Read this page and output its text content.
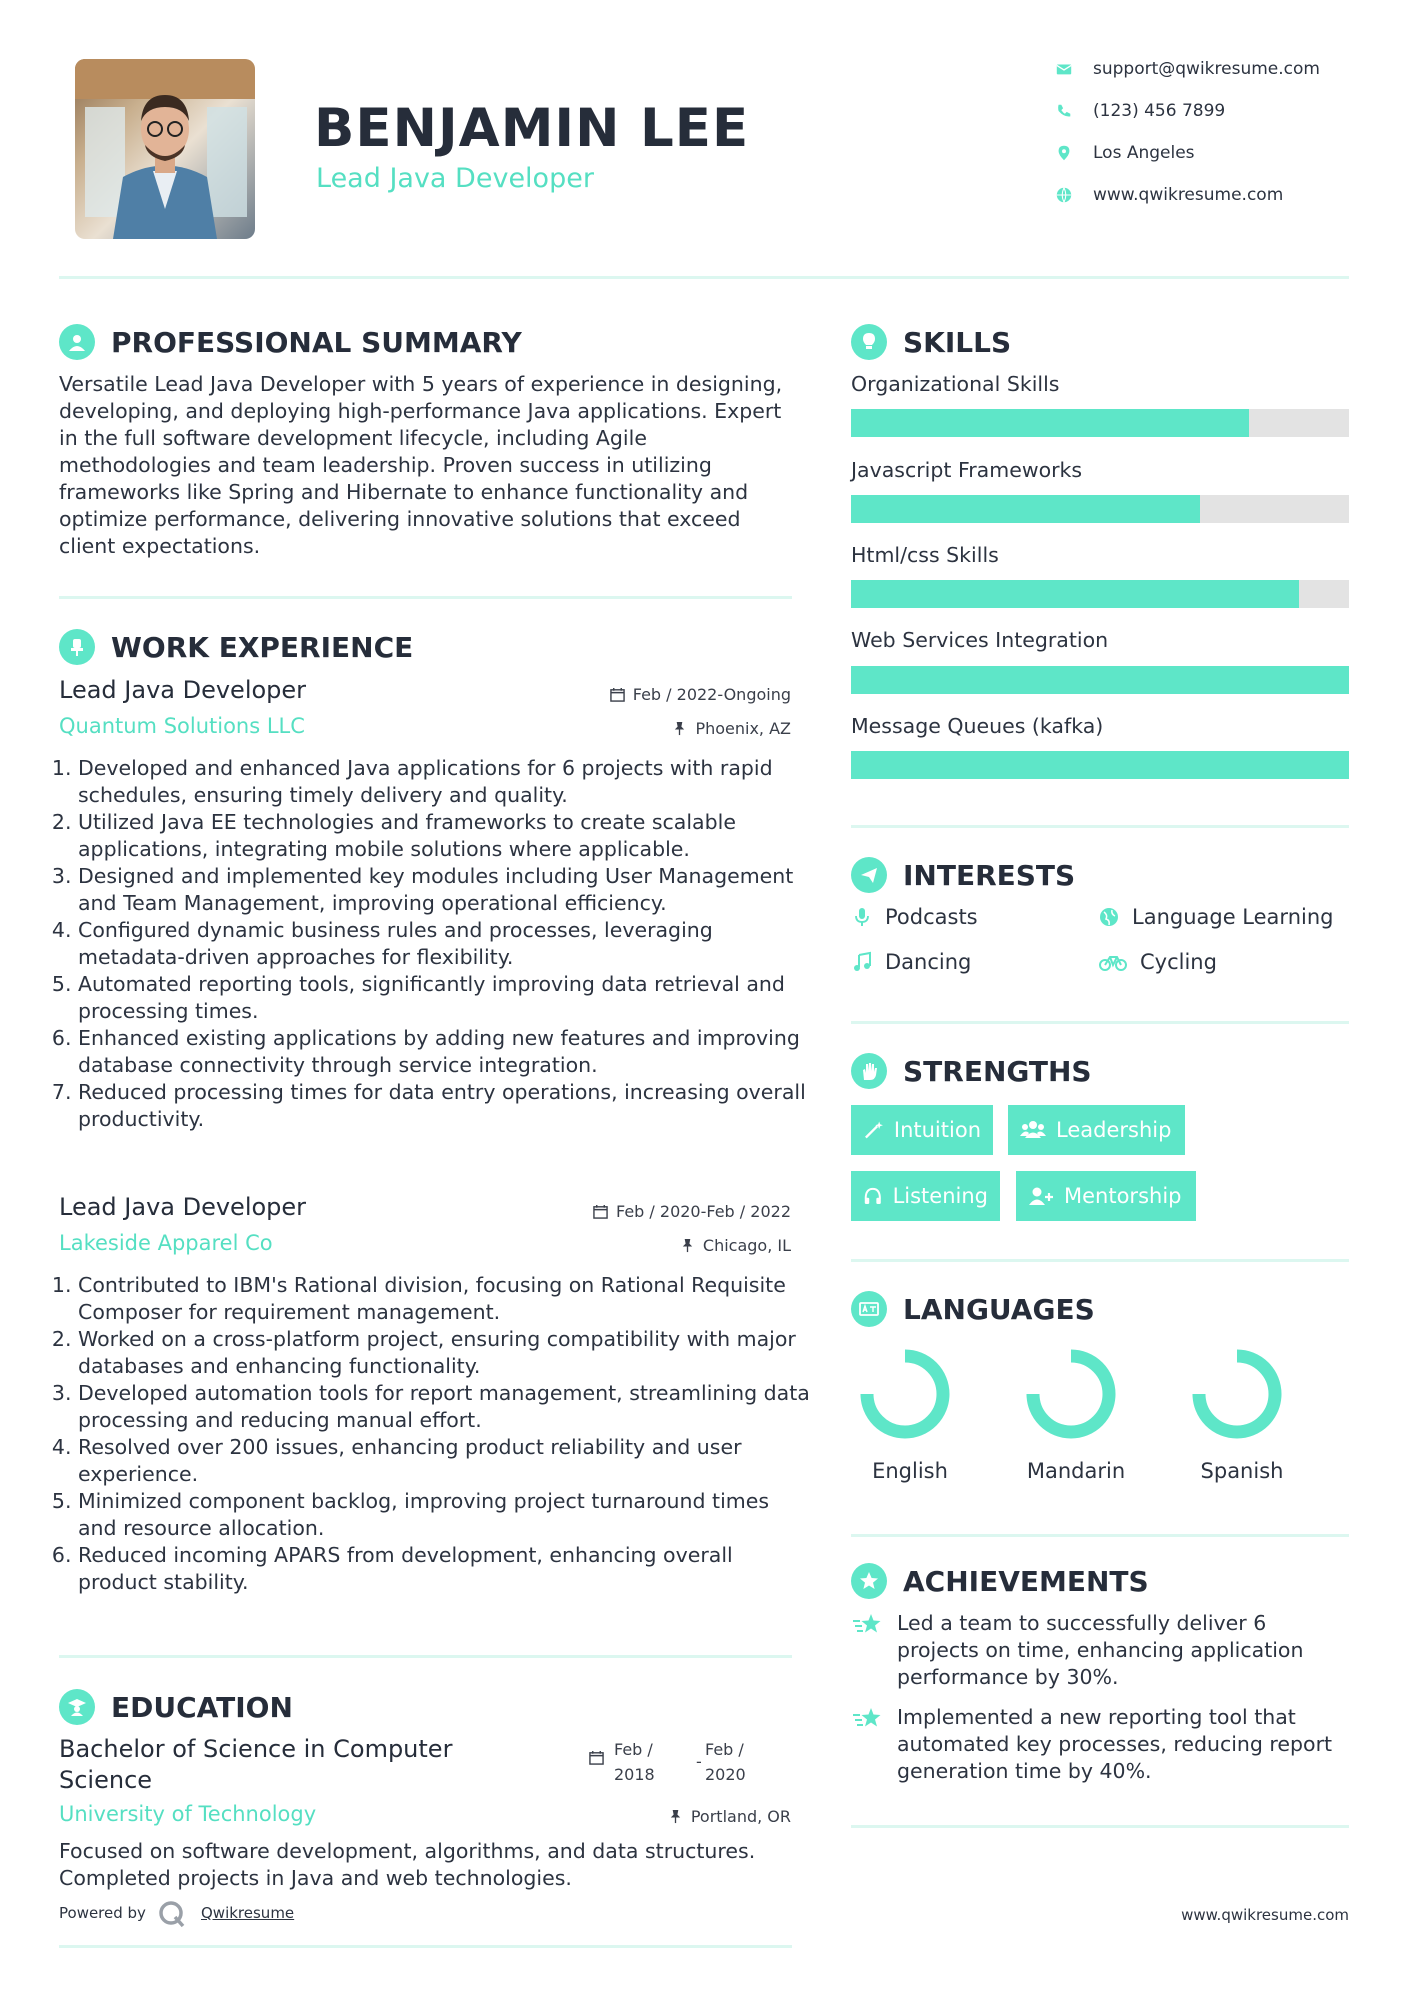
BENJAMIN LEE
Lead Java Developer
support@qwikresume.com
(123) 456 7899
Los Angeles
www.qwikresume.com
PROFESSIONAL SUMMARY
Versatile Lead Java Developer with 5 years of experience in designing, developing, and deploying high-performance Java applications. Expert in the full software development lifecycle, including Agile methodologies and team leadership. Proven success in utilizing frameworks like Spring and Hibernate to enhance functionality and optimize performance, delivering innovative solutions that exceed client expectations.
WORK EXPERIENCE
Lead Java Developer	Feb / 2022-Ongoing
Quantum Solutions LLC	Phoenix, AZ
1. Developed and enhanced Java applications for 6 projects with rapid schedules, ensuring timely delivery and quality.
2. Utilized Java EE technologies and frameworks to create scalable applications, integrating mobile solutions where applicable.
3. Designed and implemented key modules including User Management and Team Management, improving operational efficiency.
4. Configured dynamic business rules and processes, leveraging metadata-driven approaches for flexibility.
5. Automated reporting tools, significantly improving data retrieval and processing times.
6. Enhanced existing applications by adding new features and improving database connectivity through service integration.
7. Reduced processing times for data entry operations, increasing overall productivity.
Lead Java Developer	Feb / 2020-Feb / 2022
Lakeside Apparel Co	Chicago, IL
1. Contributed to IBM's Rational division, focusing on Rational Requisite Composer for requirement management.
2. Worked on a cross-platform project, ensuring compatibility with major databases and enhancing functionality.
3. Developed automation tools for report management, streamlining data processing and reducing manual effort.
4. Resolved over 200 issues, enhancing product reliability and user experience.
5. Minimized component backlog, improving project turnaround times and resource allocation.
6. Reduced incoming APARS from development, enhancing overall product stability.
EDUCATION
Bachelor of Science in Computer
Science
Feb /
2018
-
Feb /
2020
University of Technology	Portland, OR
Focused on software development, algorithms, and data structures. Completed projects in Java and web technologies.
Powered by	Qwikresume	www.qwikresume.com
SKILLS
Organizational Skills
Javascript Frameworks
Html/css Skills
Web Services Integration
Message Queues (kafka)
INTERESTS
Podcasts	Language Learning
Dancing	Cycling
STRENGTHS
Intuition	Leadership
Listening	Mentorship
LANGUAGES
English	Mandarin	Spanish
ACHIEVEMENTS
Led a team to successfully deliver 6 projects on time, enhancing application performance by 30%.
Implemented a new reporting tool that automated key processes, reducing report generation time by 40%.
